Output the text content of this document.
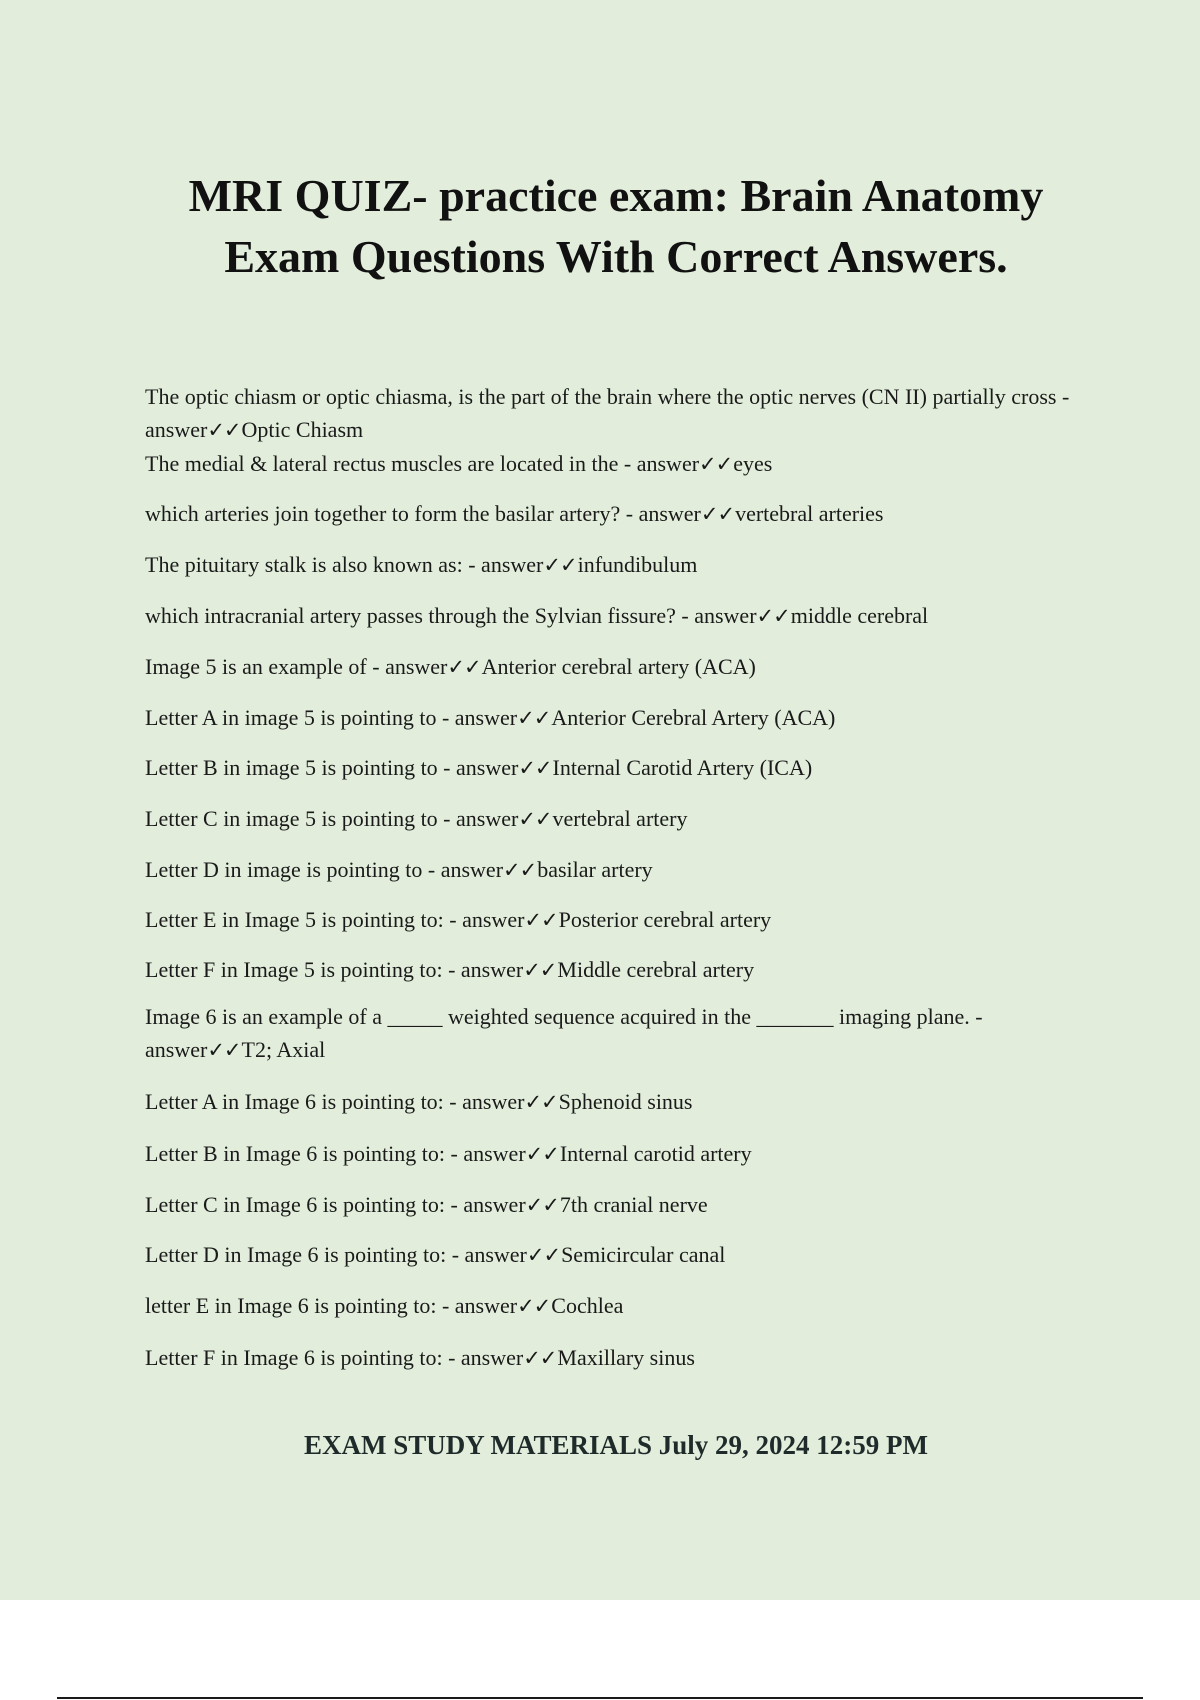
MRI QUIZ- practice exam: Brain Anatomy
Exam Questions With Correct Answers.
The optic chiasm or optic chiasma, is the part of the brain where the optic nerves (CN II) partially cross - answer✓✓Optic Chiasm
The medial & lateral rectus muscles are located in the - answer✓✓eyes
which arteries join together to form the basilar artery? - answer✓✓vertebral arteries
The pituitary stalk is also known as: - answer✓✓infundibulum
which intracranial artery passes through the Sylvian fissure? - answer✓✓middle cerebral
Image 5 is an example of - answer✓✓Anterior cerebral artery (ACA)
Letter A in image 5 is pointing to - answer✓✓Anterior Cerebral Artery (ACA)
Letter B in image 5 is pointing to - answer✓✓Internal Carotid Artery (ICA)
Letter C in image 5 is pointing to - answer✓✓vertebral artery
Letter D in image is pointing to - answer✓✓basilar artery
Letter E in Image 5 is pointing to: - answer✓✓Posterior cerebral artery
Letter F in Image 5 is pointing to: - answer✓✓Middle cerebral artery
Image 6 is an example of a _____ weighted sequence acquired in the _______ imaging plane. - answer✓✓T2; Axial
Letter A in Image 6 is pointing to: - answer✓✓Sphenoid sinus
Letter B in Image 6 is pointing to: - answer✓✓Internal carotid artery
Letter C in Image 6 is pointing to: - answer✓✓7th cranial nerve
Letter D in Image 6 is pointing to: - answer✓✓Semicircular canal
letter E in Image 6 is pointing to: - answer✓✓Cochlea
Letter F in Image 6 is pointing to: - answer✓✓Maxillary sinus

EXAM STUDY MATERIALS July 29, 2024 12:59 PM
